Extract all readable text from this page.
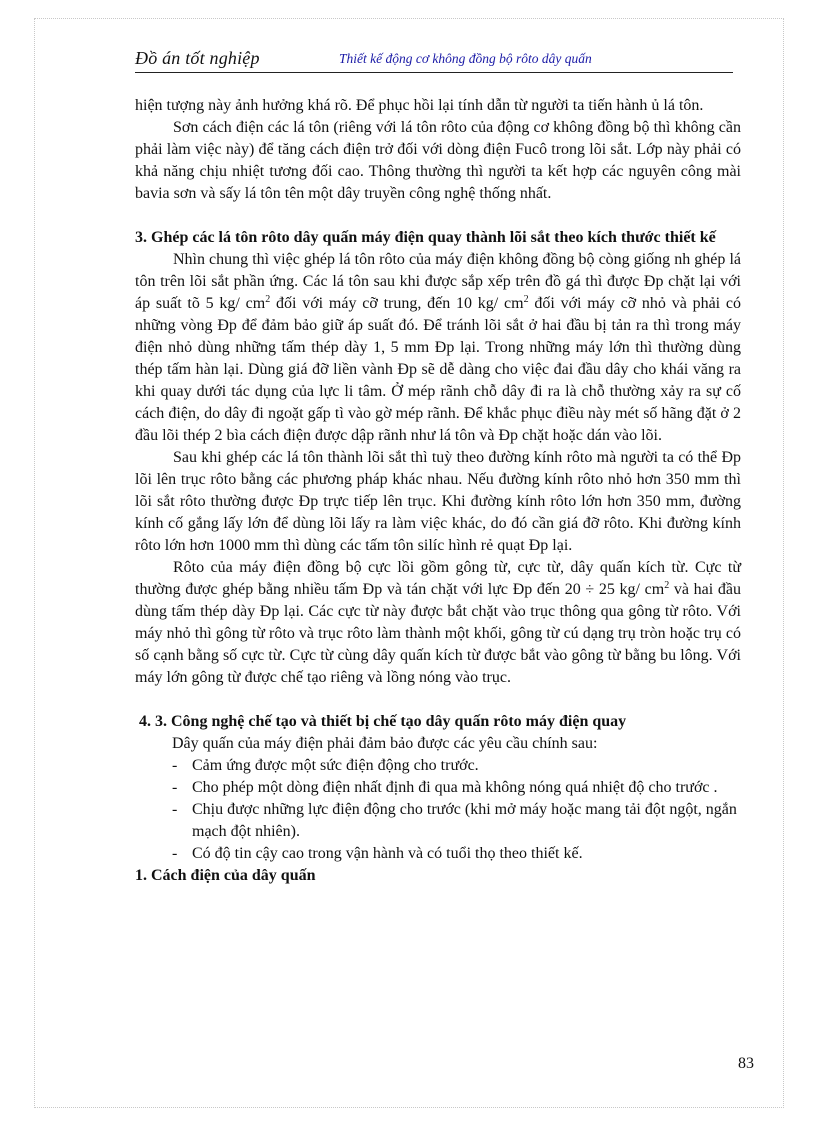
Đồ án tốt nghiệp	Thiết kế động cơ không đồng bộ rôto dây quấn

hiện tượng này ảnh hưởng khá rõ. Để phục hồi lại tính dẫn từ người ta tiến hành ủ lá tôn.

Sơn cách điện các lá tôn (riêng với lá tôn rôto của động cơ không đồng bộ thì không cần phải làm việc này) để tăng cách điện trở đối với dòng điện Fucô trong lõi sắt. Lớp này phải có khả năng chịu nhiệt tương đối cao. Thông thường thì người ta kết hợp các nguyên công mài bavia sơn và sấy lá tôn tên một dây truyền công nghệ thống nhất.

3. Ghép các lá tôn rôto dây quấn máy điện quay thành lõi sắt theo kích thước thiết kế

Nhìn chung thì việc ghép lá tôn rôto của máy điện không đồng bộ còng giống nh ghép lá tôn trên lõi sắt phần ứng. Các lá tôn sau khi được sắp xếp trên đồ gá thì được Đp chặt lại với áp suất tõ 5 kg/ $cm^2$ đối với máy cỡ trung, đến 10 kg/ $cm^2$ đối với máy cỡ nhỏ và phải có những vòng Đp để đảm bảo giữ áp suất đó. Để tránh lõi sắt ở hai đầu bị tản ra thì trong máy điện nhỏ dùng những tấm thép dày 1, 5 mm Đp lại. Trong những máy lớn thì thường dùng thép tấm hàn lại. Dùng giá đỡ liền vành Đp sẽ dễ dàng cho việc đai đầu dây cho khái văng ra khi quay dưới tác dụng của lực li tâm. Ở mép rãnh chỗ dây đi ra là chỗ thường xảy ra sự cố cách điện, do dây đi ngoặt gấp tì vào gờ mép rãnh. Để khắc phục điều này mét số hãng đặt ở 2 đầu lõi thép 2 bìa cách điện được dập rãnh như lá tôn và Đp chặt hoặc dán vào lõi.

Sau khi ghép các lá tôn thành lõi sắt thì tuỳ theo đường kính rôto mà người ta có thể Đp lõi lên trục rôto bằng các phương pháp khác nhau. Nếu đường kính rôto nhỏ hơn 350 mm thì lõi sắt rôto thường được Đp trực tiếp lên trục. Khi đường kính rôto lớn hơn 350 mm, đường kính cố gắng lấy lớn để dùng lõi lấy ra làm việc khác, do đó cần giá đỡ rôto. Khi đường kính rôto lớn hơn 1000 mm thì dùng các tấm tôn silíc hình rẻ quạt Đp lại.

Rôto của máy điện đồng bộ cực lồi gồm gông từ, cực từ, dây quấn kích từ. Cực từ thường được ghép bằng nhiều tấm Đp và tán chặt với lực Đp đến 20 ÷ 25 kg/ $cm^2$ và hai đầu dùng tấm thép dày Đp lại. Các cực từ này được bắt chặt vào trục thông qua gông từ rôto. Với máy nhỏ thì gông từ rôto và trục rôto làm thành một khối, gông từ cú dạng trụ tròn hoặc trụ có số cạnh bằng số cực từ. Cực từ cùng dây quấn kích từ được bắt vào gông từ bằng bu lông. Với máy lớn gông từ được chế tạo riêng và lồng nóng vào trục.

4. 3. Công nghệ chế tạo và thiết bị chế tạo dây quấn rôto máy điện quay

Dây quấn của máy điện phải đảm bảo được các yêu cầu chính sau:

- Cảm ứng được một sức điện động cho trước.
- Cho phép một dòng điện nhất định đi qua mà không nóng quá nhiệt độ cho trước .
- Chịu được những lực điện động cho trước (khi mở máy hoặc mang tải đột ngột, ngắn mạch đột nhiên).
- Có độ tin cậy cao trong vận hành và có tuổi thọ theo thiết kế.

1. Cách điện của dây quấn

83
